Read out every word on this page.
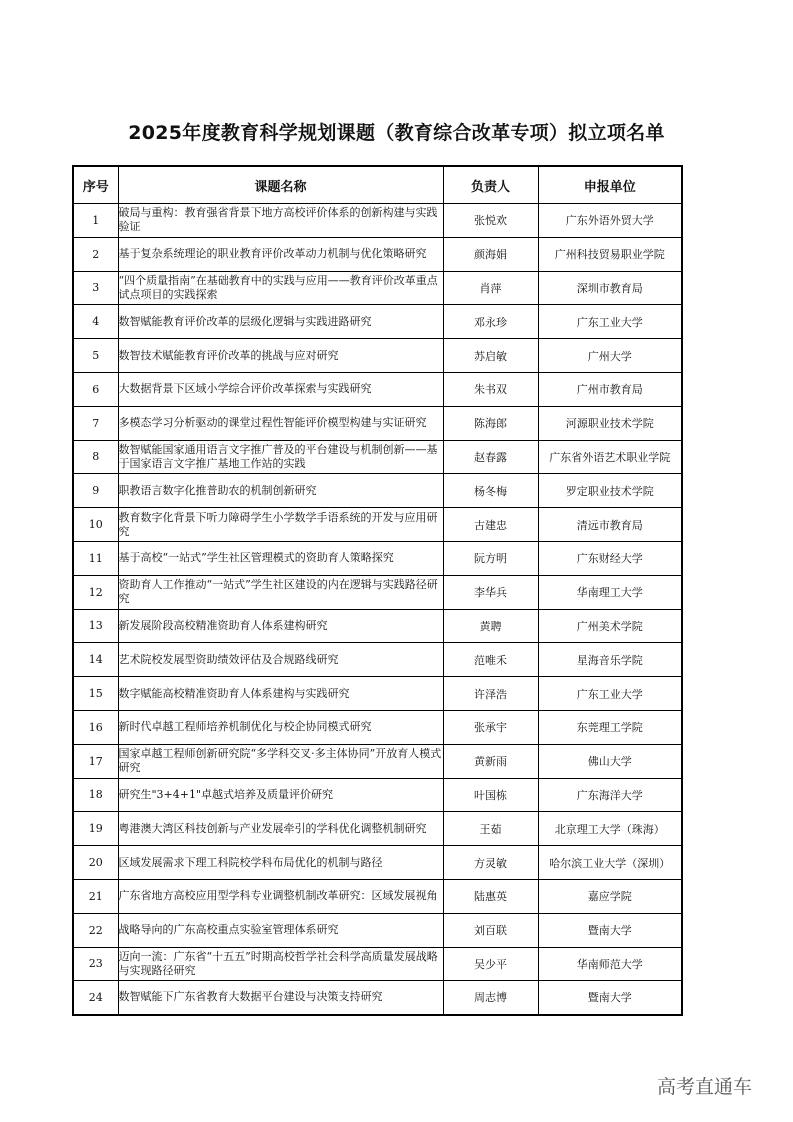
2025年度教育科学规划课题（教育综合改革专项）拟立项名单
序号	课题名称	负责人	申报单位
1	破局与重构：教育强省背景下地方高校评价体系的创新构建与实践验证	张悦欢	广东外语外贸大学
2	基于复杂系统理论的职业教育评价改革动力机制与优化策略研究	颜海娟	广州科技贸易职业学院
3	“四个质量指南”在基础教育中的实践与应用——教育评价改革重点试点项目的实践探索	肖萍	深圳市教育局
4	数智赋能教育评价改革的层级化逻辑与实践进路研究	邓永珍	广东工业大学
5	数智技术赋能教育评价改革的挑战与应对研究	苏启敏	广州大学
6	大数据背景下区域小学综合评价改革探索与实践研究	朱书双	广州市教育局
7	多模态学习分析驱动的课堂过程性智能评价模型构建与实证研究	陈海郎	河源职业技术学院
8	数智赋能国家通用语言文字推广普及的平台建设与机制创新——基于国家语言文字推广基地工作站的实践	赵春露	广东省外语艺术职业学院
9	职教语言数字化推普助农的机制创新研究	杨冬梅	罗定职业技术学院
10	教育数字化背景下听力障碍学生小学数学手语系统的开发与应用研究	古建忠	清远市教育局
11	基于高校“一站式”学生社区管理模式的资助育人策略探究	阮方明	广东财经大学
12	资助育人工作推动“一站式”学生社区建设的内在逻辑与实践路径研究	李华兵	华南理工大学
13	新发展阶段高校精准资助育人体系建构研究	黄聘	广州美术学院
14	艺术院校发展型资助绩效评估及合规路线研究	范唯禾	星海音乐学院
15	数字赋能高校精准资助育人体系建构与实践研究	许泽浩	广东工业大学
16	新时代卓越工程师培养机制优化与校企协同模式研究	张承宇	东莞理工学院
17	国家卓越工程师创新研究院“多学科交叉·多主体协同”开放育人模式研究	黄新雨	佛山大学
18	研究生"3+4+1"卓越式培养及质量评价研究	叶国栋	广东海洋大学
19	粤港澳大湾区科技创新与产业发展牵引的学科优化调整机制研究	王茹	北京理工大学（珠海）
20	区域发展需求下理工科院校学科布局优化的机制与路径	方灵敏	哈尔滨工业大学（深圳）
21	广东省地方高校应用型学科专业调整机制改革研究：区域发展视角	陆惠英	嘉应学院
22	战略导向的广东高校重点实验室管理体系研究	刘百联	暨南大学
23	迈向一流：广东省“十五五”时期高校哲学社会科学高质量发展战略与实现路径研究	吴少平	华南师范大学
24	数智赋能下广东省教育大数据平台建设与决策支持研究	周志博	暨南大学
高考直通车
